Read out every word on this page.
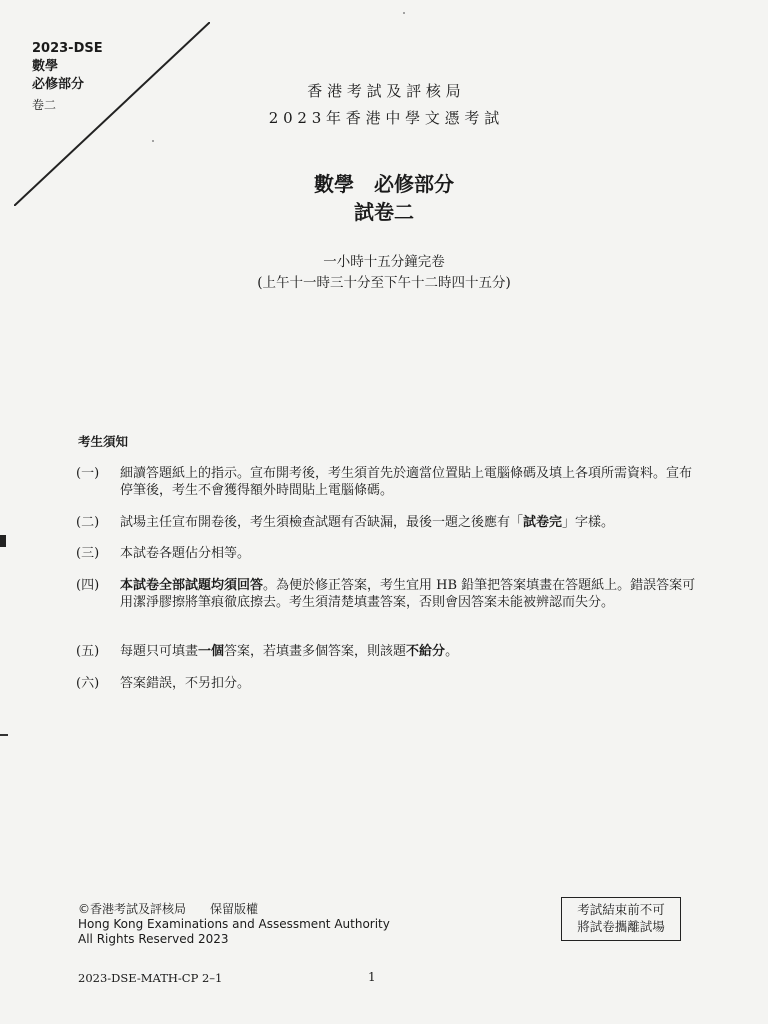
2023-DSE
數學
必修部分
卷二
香 港 考 試 及 評 核 局
2 0 2 3 年 香 港 中 學 文 憑 考 試
數學　必修部分
試卷二
一小時十五分鐘完卷
(上午十一時三十分至下午十二時四十五分)
考生須知
(一)	細讀答題紙上的指示。宣布開考後，考生須首先於適當位置貼上電腦條碼及填上各項所需資料。宣布停筆後，考生不會獲得額外時間貼上電腦條碼。
(二)	試場主任宣布開卷後，考生須檢查試題有否缺漏，最後一題之後應有「試卷完」字樣。
(三)	本試卷各題佔分相等。
(四)	本試卷全部試題均須回答。為便於修正答案，考生宜用 HB 鉛筆把答案填畫在答題紙上。錯誤答案可用潔淨膠擦將筆痕徹底擦去。考生須清楚填畫答案，否則會因答案未能被辨認而失分。
(五)	每題只可填畫一個答案，若填畫多個答案，則該題不給分。
(六)	答案錯誤，不另扣分。
©香港考試及評核局　　保留版權
Hong Kong Examinations and Assessment Authority
All Rights Reserved 2023
考試結束前不可
將試卷攜離試場
2023-DSE-MATH-CP 2–1	1
